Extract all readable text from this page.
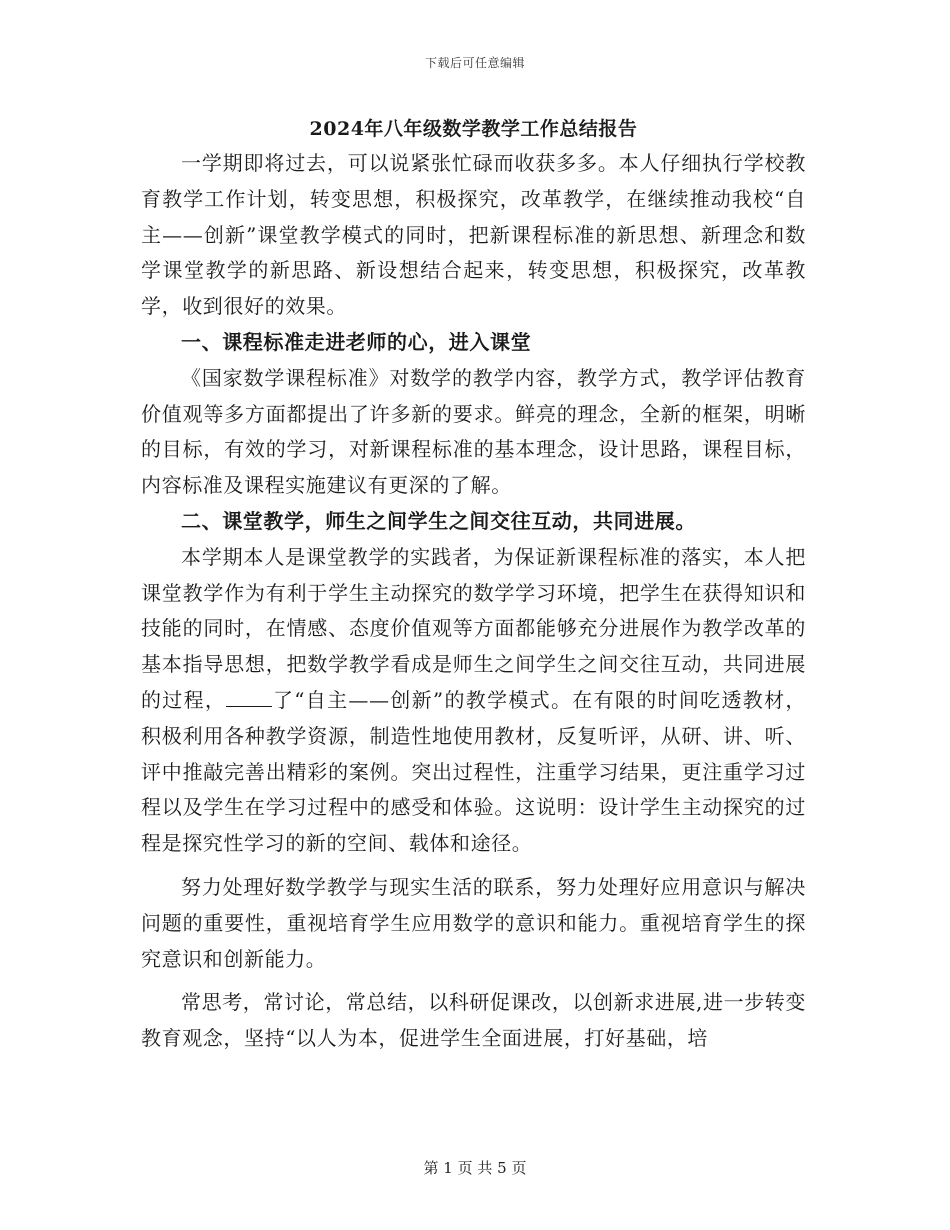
下载后可任意编辑
2024年八年级数学教学工作总结报告

一学期即将过去，可以说紧张忙碌而收获多多。本人仔细执行学校教育教学工作计划，转变思想，积极探究，改革教学，在继续推动我校“自主——创新”课堂教学模式的同时，把新课程标准的新思想、新理念和数学课堂教学的新思路、新设想结合起来，转变思想，积极探究，改革教学，收到很好的效果。

一、课程标准走进老师的心，进入课堂

《国家数学课程标准》对数学的教学内容，教学方式，教学评估教育价值观等多方面都提出了许多新的要求。鲜亮的理念，全新的框架，明晰的目标，有效的学习，对新课程标准的基本理念，设计思路，课程目标，内容标准及课程实施建议有更深的了解。

二、课堂教学，师生之间学生之间交往互动，共同进展。

本学期本人是课堂教学的实践者，为保证新课程标准的落实，本人把课堂教学作为有利于学生主动探究的数学学习环境，把学生在获得知识和技能的同时，在情感、态度价值观等方面都能够充分进展作为教学改革的基本指导思想，把数学教学看成是师生之间学生之间交往互动，共同进展的过程， 了“自主——创新”的教学模式。在有限的时间吃透教材，积极利用各种教学资源，制造性地使用教材，反复听评，从研、讲、听、评中推敲完善出精彩的案例。突出过程性，注重学习结果，更注重学习过程以及学生在学习过程中的感受和体验。这说明：设计学生主动探究的过程是探究性学习的新的空间、载体和途径。

努力处理好数学教学与现实生活的联系，努力处理好应用意识与解决问题的重要性，重视培育学生应用数学的意识和能力。重视培育学生的探究意识和创新能力。

常思考，常讨论，常总结，以科研促课改，以创新求进展,进一步转变教育观念，坚持“以人为本，促进学生全面进展，打好基础，培

第 1 页 共 5 页
